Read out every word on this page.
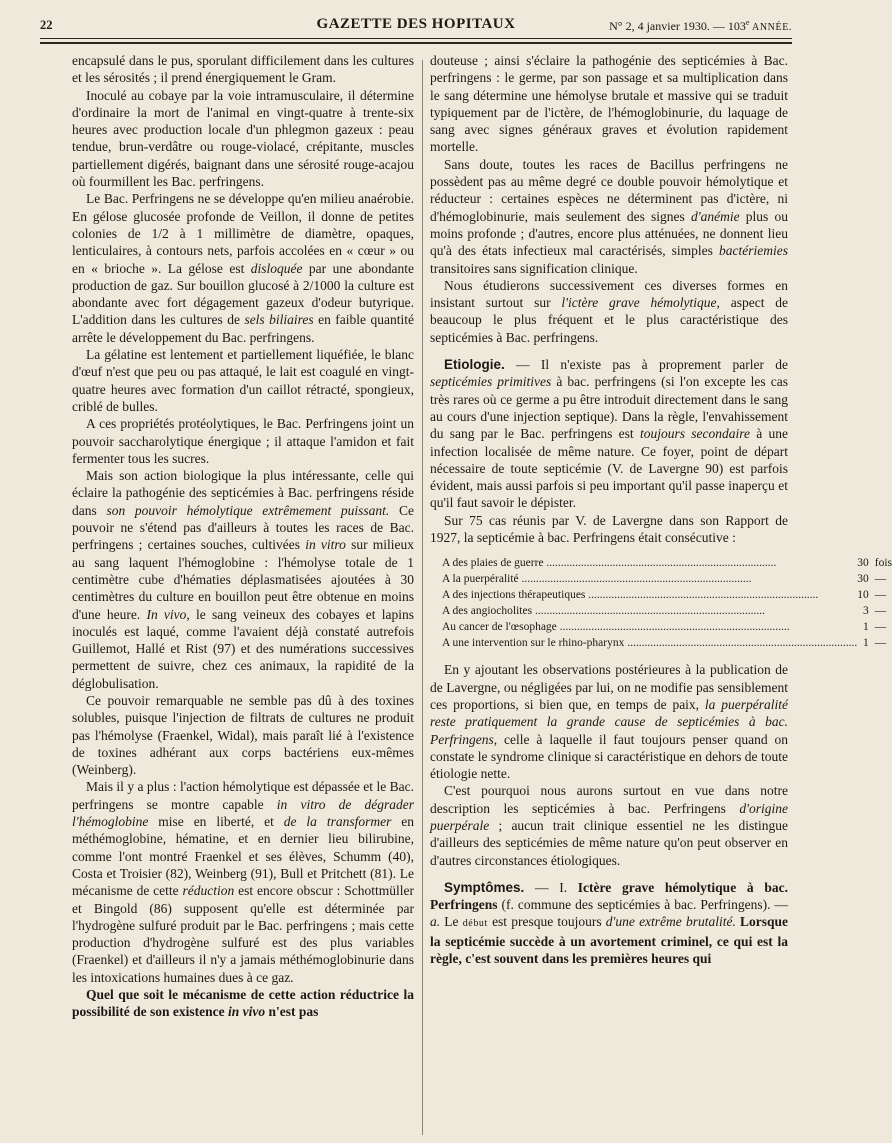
22	GAZETTE DES HOPITAUX	N° 2, 4 janvier 1930. — 103e ANNÉE.

encapsulé dans le pus, sporulant difficilement dans les cultures et les sérosités ; il prend énergiquement le Gram.

Inoculé au cobaye par la voie intramusculaire, il détermine d'ordinaire la mort de l'animal en vingt-quatre à trente-six heures avec production locale d'un phlegmon gazeux : peau tendue, brun-verdâtre ou rouge-violacé, crépitante, muscles partiellement digérés, baignant dans une sérosité rouge-acajou où fourmillent les Bac. perfringens.

Le Bac. Perfringens ne se développe qu'en milieu anaérobie. En gélose glucosée profonde de Veillon, il donne de petites colonies de 1/2 à 1 millimètre de diamètre, opaques, lenticulaires, à contours nets, parfois accolées en « cœur » ou en « brioche ». La gélose est disloquée par une abondante production de gaz. Sur bouillon glucosé à 2/1000 la culture est abondante avec fort dégagement gazeux d'odeur butyrique. L'addition dans les cultures de sels biliaires en faible quantité arrête le développement du Bac. perfringens.

La gélatine est lentement et partiellement liquéfiée, le blanc d'œuf n'est que peu ou pas attaqué, le lait est coagulé en vingt-quatre heures avec formation d'un caillot rétracté, spongieux, criblé de bulles.

A ces propriétés protéolytiques, le Bac. Perfringens joint un pouvoir saccharolytique énergique ; il attaque l'amidon et fait fermenter tous les sucres.

Mais son action biologique la plus intéressante, celle qui éclaire la pathogénie des septicémies à Bac. perfringens réside dans son pouvoir hémolytique extrêmement puissant. Ce pouvoir ne s'étend pas d'ailleurs à toutes les races de Bac. perfringens ; certaines souches, cultivées in vitro sur milieux au sang laquent l'hémoglobine : l'hémolyse totale de 1 centimètre cube d'hématies déplasmatisées ajoutées à 30 centimètres du culture en bouillon peut être obtenue en moins d'une heure. In vivo, le sang veineux des cobayes et lapins inoculés est laqué, comme l'avaient déjà constaté autrefois Guillemot, Hallé et Rist (97) et des numérations successives permettent de suivre, chez ces animaux, la rapidité de la déglobulisation.

Ce pouvoir remarquable ne semble pas dû à des toxines solubles, puisque l'injection de filtrats de cultures ne produit pas l'hémolyse (Fraenkel, Widal), mais paraît lié à l'existence de toxines adhérant aux corps bactériens eux-mêmes (Weinberg).

Mais il y a plus : l'action hémolytique est dépassée et le Bac. perfringens se montre capable in vitro de dégrader l'hémoglobine mise en liberté, et de la transformer en méthémoglobine, hématine, et en dernier lieu bilirubine, comme l'ont montré Fraenkel et ses élèves, Schumm (40), Costa et Troisier (82), Weinberg (91), Bull et Pritchett (81). Le mécanisme de cette réduction est encore obscur : Schottmüller et Bingold (86) supposent qu'elle est déterminée par l'hydrogène sulfuré produit par le Bac. perfringens ; mais cette production d'hydrogène sulfuré est des plus variables (Fraenkel) et d'ailleurs il n'y a jamais méthémoglobinurie dans les intoxications humaines dues à ce gaz.

Quel que soit le mécanisme de cette action réductrice la possibilité de son existence in vivo n'est pas

douteuse ; ainsi s'éclaire la pathogénie des septicémies à Bac. perfringens : le germe, par son passage et sa multiplication dans le sang détermine une hémolyse brutale et massive qui se traduit typiquement par de l'ictère, de l'hémoglobinurie, du laquage de sang avec signes généraux graves et évolution rapidement mortelle.

Sans doute, toutes les races de Bacillus perfringens ne possèdent pas au même degré ce double pouvoir hémolytique et réducteur : certaines espèces ne déterminent pas d'ictère, ni d'hémoglobinurie, mais seulement des signes d'anémie plus ou moins profonde ; d'autres, encore plus atténuées, ne donnent lieu qu'à des états infectieux mal caractérisés, simples bactériemies transitoires sans signification clinique.

Nous étudierons successivement ces diverses formes en insistant surtout sur l'ictère grave hémolytique, aspect de beaucoup le plus fréquent et le plus caractéristique des septicémies à Bac. perfringens.

Etiologie. — Il n'existe pas à proprement parler de septicémies primitives à bac. perfringens (si l'on excepte les cas très rares où ce germe a pu être introduit directement dans le sang au cours d'une injection septique). Dans la règle, l'envahissement du sang par le Bac. perfringens est toujours secondaire à une infection localisée de même nature. Ce foyer, point de départ nécessaire de toute septicémie (V. de Lavergne 90) est parfois évident, mais aussi parfois si peu important qu'il passe inaperçu et qu'il faut savoir le dépister.

Sur 75 cas réunis par V. de Lavergne dans son Rapport de 1927, la septicémie à bac. Perfringens était consécutive :

A des plaies de guerre ................................................................................	30	fois
A la puerpéralité ................................................................................	30	—
A des injections thérapeutiques ................................................................................	10	—
A des angiocholites ................................................................................	3	—
Au cancer de l'œsophage ................................................................................	1	—
A une intervention sur le rhino-pharynx ................................................................................	1	—

En y ajoutant les observations postérieures à la publication de de Lavergne, ou négligées par lui, on ne modifie pas sensiblement ces proportions, si bien que, en temps de paix, la puerpéralité reste pratiquement la grande cause de septicémies à bac. Perfringens, celle à laquelle il faut toujours penser quand on constate le syndrome clinique si caractéristique en dehors de toute étiologie nette.

C'est pourquoi nous aurons surtout en vue dans notre description les septicémies à bac. Perfringens d'origine puerpérale ; aucun trait clinique essentiel ne les distingue d'ailleurs des septicémies de même nature qu'on peut observer en d'autres circonstances étiologiques.

Symptômes. — I. Ictère grave hémolytique à bac. Perfringens (f. commune des septicémies à bac. Perfringens). — a. Le début est presque toujours d'une extrême brutalité. Lorsque la septicémie succède à un avortement criminel, ce qui est la règle, c'est souvent dans les premières heures qui
